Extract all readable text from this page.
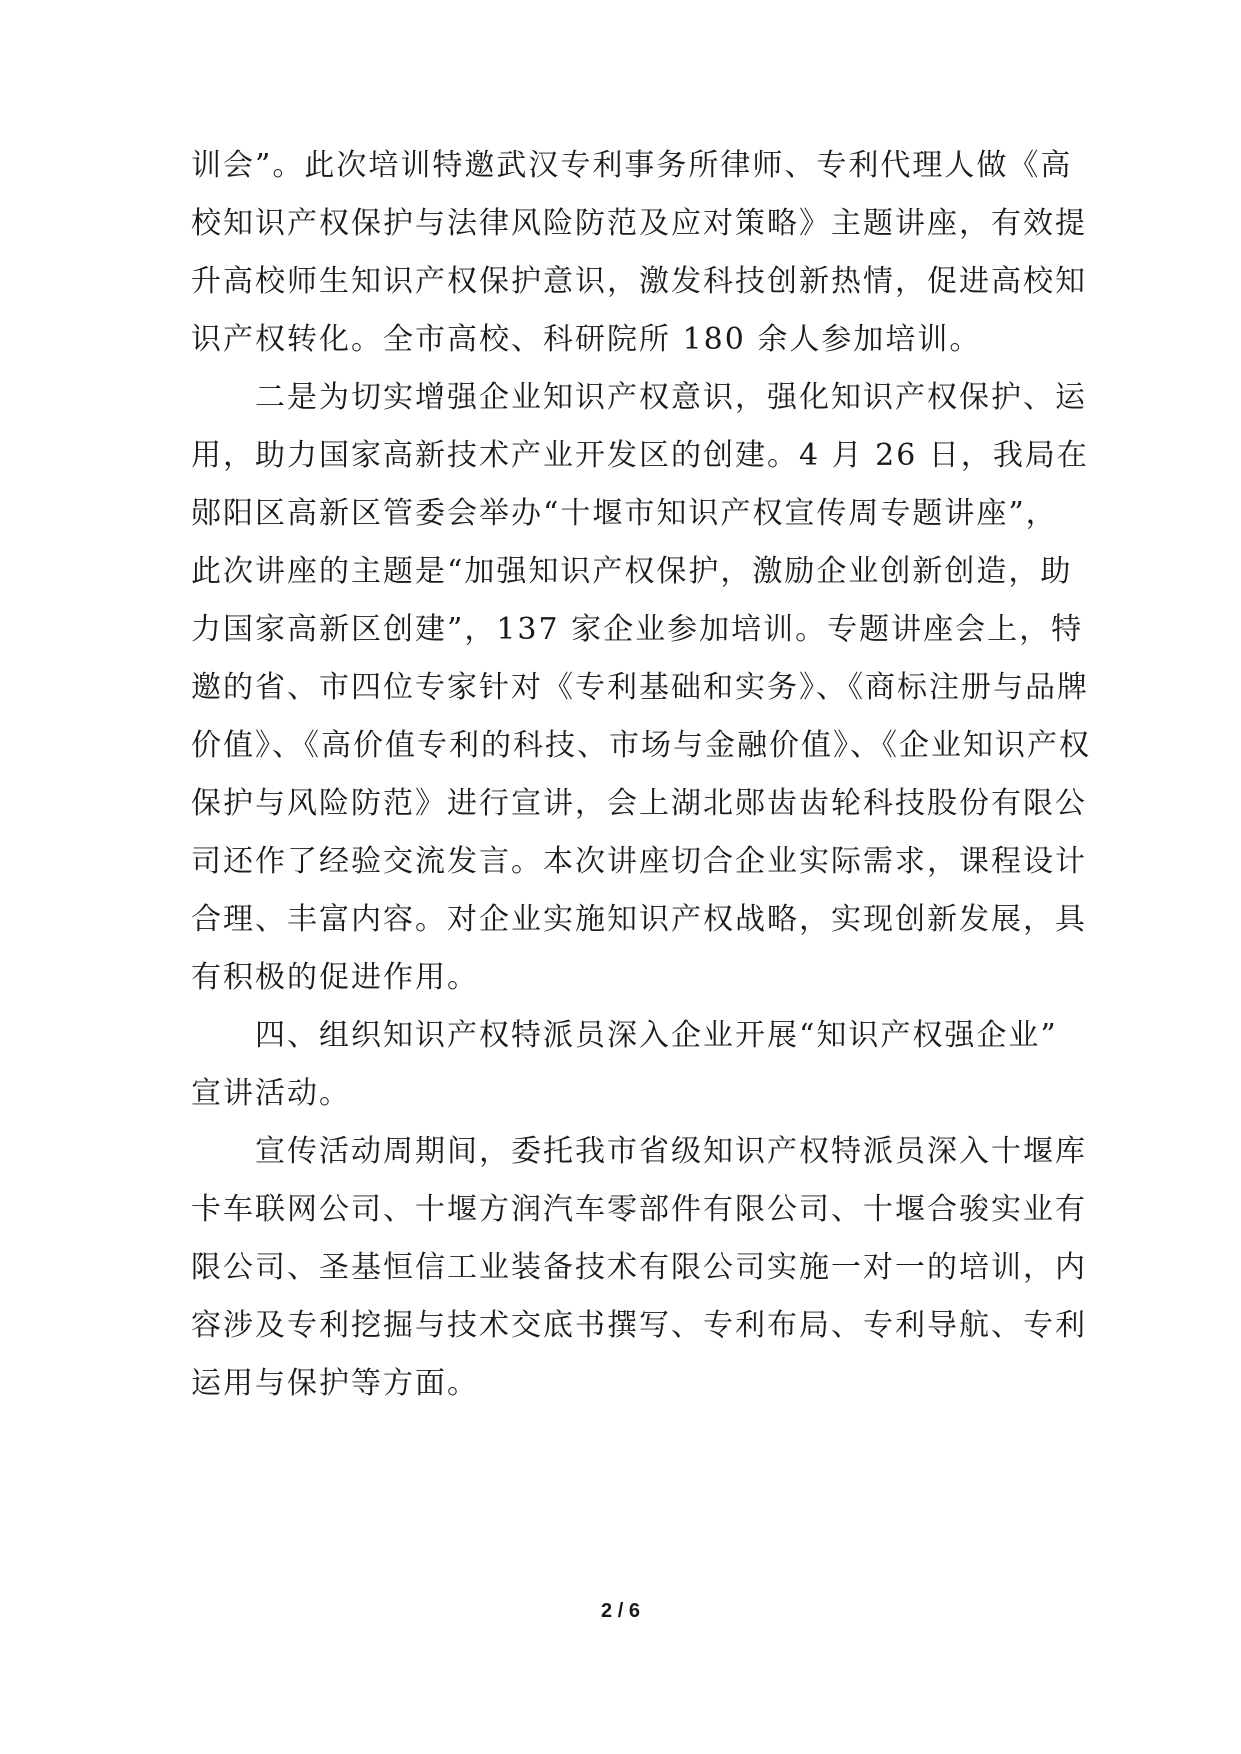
训会”。此次培训特邀武汉专利事务所律师、专利代理人做《高
校知识产权保护与法律风险防范及应对策略》主题讲座，有效提
升高校师生知识产权保护意识，激发科技创新热情，促进高校知
识产权转化。全市高校、科研院所 180 余人参加培训。
二是为切实增强企业知识产权意识，强化知识产权保护、运
用，助力国家高新技术产业开发区的创建。4 月 26 日，我局在
郧阳区高新区管委会举办“十堰市知识产权宣传周专题讲座”，
此次讲座的主题是“加强知识产权保护，激励企业创新创造，助
力国家高新区创建”，137 家企业参加培训。专题讲座会上，特
邀的省、市四位专家针对《专利基础和实务》、《商标注册与品牌
价值》、《高价值专利的科技、市场与金融价值》、《企业知识产权
保护与风险防范》进行宣讲，会上湖北郧齿齿轮科技股份有限公
司还作了经验交流发言。本次讲座切合企业实际需求，课程设计
合理、丰富内容。对企业实施知识产权战略，实现创新发展，具
有积极的促进作用。
四、组织知识产权特派员深入企业开展“知识产权强企业”
宣讲活动。
宣传活动周期间，委托我市省级知识产权特派员深入十堰库
卡车联网公司、十堰方润汽车零部件有限公司、十堰合骏实业有
限公司、圣基恒信工业装备技术有限公司实施一对一的培训，内
容涉及专利挖掘与技术交底书撰写、专利布局、专利导航、专利
运用与保护等方面。
2 / 6
